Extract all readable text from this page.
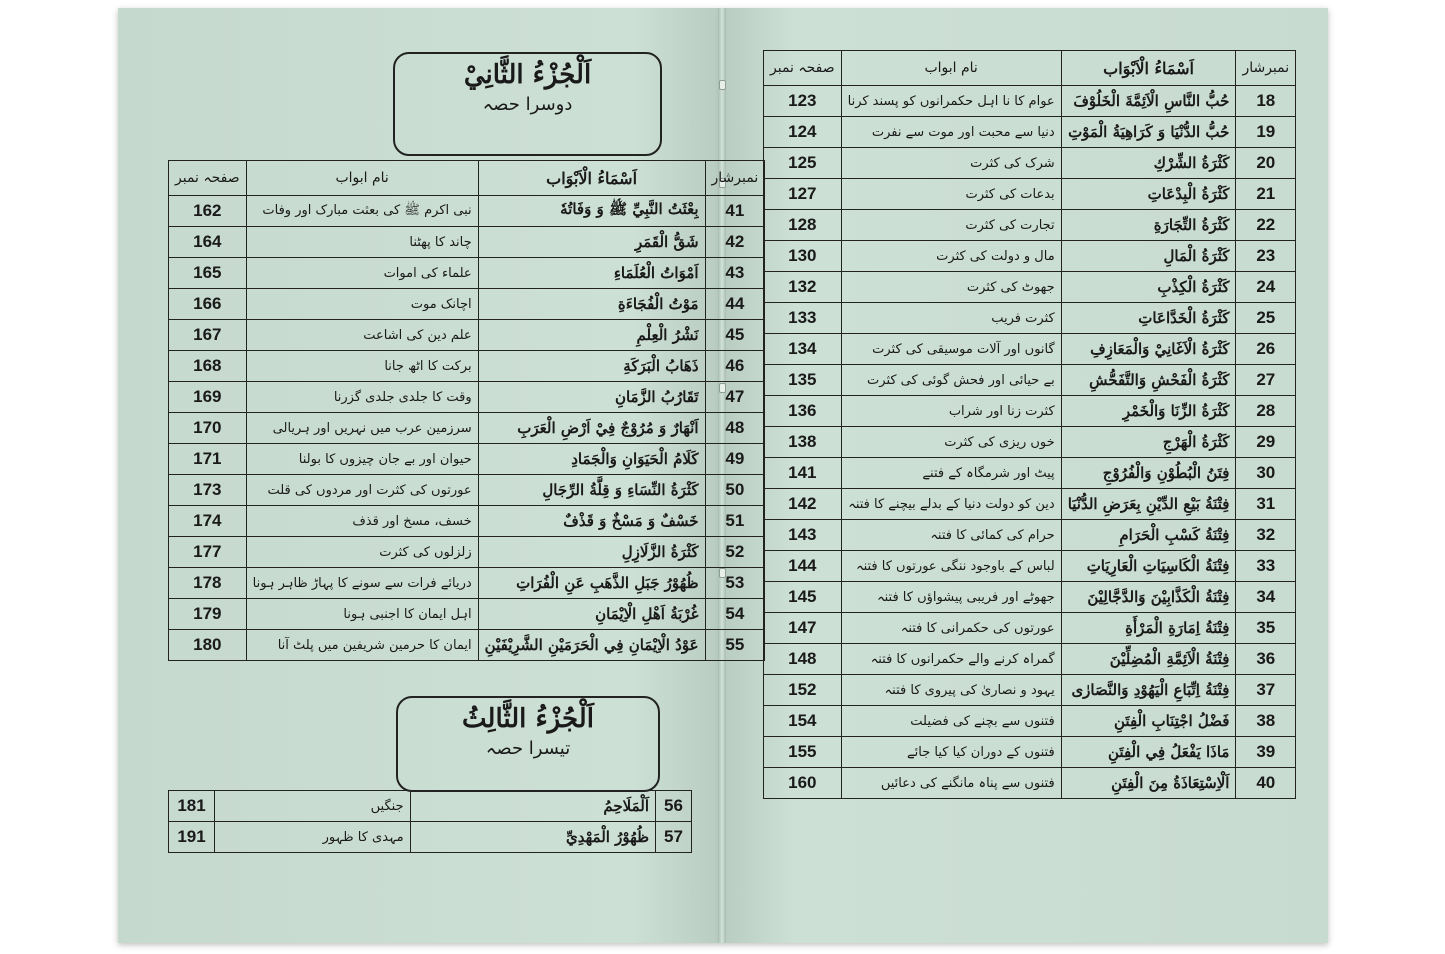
اَلْجُزْءُ الثَّانِيْ
دوسرا حصہ
نمبرشار	اَسْمَاءُ الْاَبْوَاب	نام ابواب	صفحہ نمبر
41	بِعْثَتُ النَّبِيِّ ﷺ وَ وَفَاتُهٗ	نبی اکرم ﷺ کی بعثت مبارک اور وفات	162
42	شَقُّ الْقَمَرِ	چاند کا پھٹنا	164
43	اَمْوَاتُ الْعُلَمَاءِ	علماء کی اموات	165
44	مَوْتُ الْفُجَاءَةِ	اچانک موت	166
45	نَشْرُ الْعِلْمِ	علم دین کی اشاعت	167
46	ذَهَابُ الْبَرَكَةِ	برکت کا اٹھ جانا	168
47	تَقَارُبُ الزَّمَانِ	وقت کا جلدی جلدی گزرنا	169
48	اَنْهَارٌ وَ مُرُوْجٌ فِيْ اَرْضِ الْعَرَبِ	سرزمین عرب میں نہریں اور ہریالی	170
49	كَلَامُ الْحَيَوَانِ وَالْجَمَادِ	حیوان اور بے جان چیزوں کا بولنا	171
50	كَثْرَةُ النِّسَاءِ وَ قِلَّةُ الرِّجَالِ	عورتوں کی کثرت اور مردوں کی قلت	173
51	خَسْفٌ وَ مَسْخٌ وَ قَذْفٌ	خسف، مسخ اور قذف	174
52	كَثْرَةُ الزَّلَازِلِ	زلزلوں کی کثرت	177
53	ظُهُوْرُ جَبَلِ الذَّهَبِ عَنِ الْفُرَاتِ	دریائے فرات سے سونے کا پہاڑ ظاہر ہونا	178
54	غُرْبَةُ اَهْلِ الْاِيْمَانِ	اہل ایمان کا اجنبی ہونا	179
55	عَوْدُ الْاِيْمَانِ فِي الْحَرَمَيْنِ الشَّرِيْفَيْنِ	ایمان کا حرمین شریفین میں پلٹ آنا	180
اَلْجُزْءُ الثَّالِثُ
تیسرا حصہ
56	اَلْمَلَاحِمُ	جنگیں	181
57	ظُهُوْرُ الْمَهْدِيِّ	مہدی کا ظہور	191
نمبرشار	اَسْمَاءُ الْاَبْوَاب	نام ابواب	صفحہ نمبر
18	حُبُّ النَّاسِ الْاَئِمَّةَ الْخَلُوْفَ	عوام کا نا اہل حکمرانوں کو پسند کرنا	123
19	حُبُّ الدُّنْيَا وَ كَرَاهِيَةُ الْمَوْتِ	دنیا سے محبت اور موت سے نفرت	124
20	كَثْرَةُ الشِّرْكِ	شرک کی کثرت	125
21	كَثْرَةُ الْبِدْعَاتِ	بدعات کی کثرت	127
22	كَثْرَةُ التِّجَارَةِ	تجارت کی کثرت	128
23	كَثْرَةُ الْمَالِ	مال و دولت کی کثرت	130
24	كَثْرَةُ الْكِذْبِ	جھوٹ کی کثرت	132
25	كَثْرَةُ الْخَدَّاعَاتِ	کثرت فریب	133
26	كَثْرَةُ الْاَغَانِيْ وَالْمَعَازِفِ	گانوں اور آلات موسیقی کی کثرت	134
27	كَثْرَةُ الْفَحْشِ وَالتَّفَحُّشِ	بے حیائی اور فحش گوئی کی کثرت	135
28	كَثْرَةُ الزِّنَا وَالْخَمْرِ	کثرت زنا اور شراب	136
29	كَثْرَةُ الْهَرْجِ	خوں ریزی کی کثرت	138
30	فِتَنُ الْبُطُوْنِ وَالْفُرُوْجِ	پیٹ اور شرمگاہ کے فتنے	141
31	فِتْنَةُ بَيْعِ الدِّيْنِ بِعَرَضِ الدُّنْيَا	دین کو دولت دنیا کے بدلے بیچنے کا فتنہ	142
32	فِتْنَةُ كَسْبِ الْحَرَامِ	حرام کی کمائی کا فتنہ	143
33	فِتْنَةُ الْكَاسِيَاتِ الْعَارِيَاتِ	لباس کے باوجود ننگی عورتوں کا فتنہ	144
34	فِتْنَةُ الْكَذَّابِيْنَ وَالدَّجَّالِيْنَ	جھوٹے اور فریبی پیشواؤں کا فتنہ	145
35	فِتْنَةُ اِمَارَةِ الْمَرْأَةِ	عورتوں کی حکمرانی کا فتنہ	147
36	فِتْنَةُ الْاَئِمَّةِ الْمُضِلِّيْنَ	گمراہ کرنے والے حکمرانوں کا فتنہ	148
37	فِتْنَةُ اِتِّبَاعِ الْيَهُوْدِ وَالنَّصَارٰى	یہود و نصاریٰ کی پیروی کا فتنہ	152
38	فَضْلُ اجْتِنَابِ الْفِتَنِ	فتنوں سے بچنے کی فضیلت	154
39	مَاذَا يَفْعَلُ فِي الْفِتَنِ	فتنوں کے دوران کیا کیا جائے	155
40	اَلْاِسْتِعَاذَةُ مِنَ الْفِتَنِ	فتنوں سے پناہ مانگنے کی دعائیں	160
